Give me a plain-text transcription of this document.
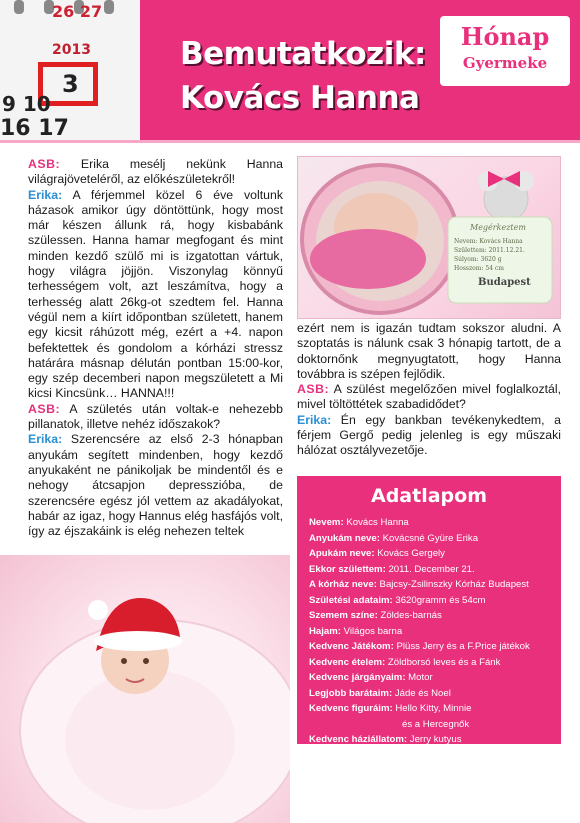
26 27
2013
3
9 10
16 17
Bemutatkozik:
Kovács Hanna
Hónap
Gyermeke

ASB: Erika mesélj nekünk Hanna világrajöveteléről, az előkészületekről!

Erika: A férjemmel közel 6 éve voltunk házasok amikor úgy döntöttünk, hogy most már készen állunk rá, hogy kisbabánk szülessen. Hanna hamar megfogant és mint minden kezdő szülő mi is izgatottan vártuk, hogy világra jöjjön. Viszonylag könnyű terhességem volt, azt leszámítva, hogy a terhesség alatt 26kg-ot szedtem fel. Hanna végül nem a kiírt időpontban született, hanem egy kicsit ráhúzott még, ezért a +4. napon befektettek és gondolom a kórházi stressz határára másnap délután pontban 15:00-kor, egy szép decemberi napon megszületett a Mi kicsi Kincsünk… HANNA!!!

ASB: A születés után voltak-e nehezebb pillanatok, illetve nehéz időszakok?

Erika: Szerencsére az első 2-3 hónapban anyukám segített mindenben, hogy kezdő anyukaként ne pánikoljak be mindentől és e nehogy átcsapjon depresszióba, de szerencsére egész jól vettem az akadályokat, habár az igaz, hogy Hannus elég hasfájós volt, így az éjszakáink is elég nehezen teltek

Megérkeztem
Nevem: Kovács Hanna
Születtem: 2011.12.21.
Súlyom: 3620 g
Hosszom: 54 cm
Budapest

ezért nem is igazán tudtam sokszor aludni. A szoptatás is nálunk csak 3 hónapig tartott, de a doktornőnk megnyugtatott, hogy Hanna továbbra is szépen fejlődik.

ASB: A szülést megelőzően mivel foglalkoztál, mivel töltöttétek szabadidődet?

Erika: Én egy bankban tevékenykedtem, a férjem Gergő pedig jelenleg is egy műszaki hálózat osztályvezetője.

Adatlapom
Nevem: Kovács Hanna
Anyukám neve: Kovácsné Gyüre Erika
Apukám neve: Kovács Gergely
Ekkor születtem: 2011. December 21.
A kórház neve: Bajcsy-Zsilinszky Kórház Budapest
Születési adataim: 3620gramm és 54cm
Szemem színe: Zöldes-barnás
Hajam: Világos barna
Kedvenc Játékom: Plüss Jerry és a F.Price játékok
Kedvenc ételem: Zöldborsó leves és a Fánk
Kedvenc járgányaim: Motor
Legjobb barátaim: Jáde és Noel
Kedvenc figuráim: Hello Kitty, Minnie
és a Hercegnők
Kedvenc háziállatom: Jerry kutyus
